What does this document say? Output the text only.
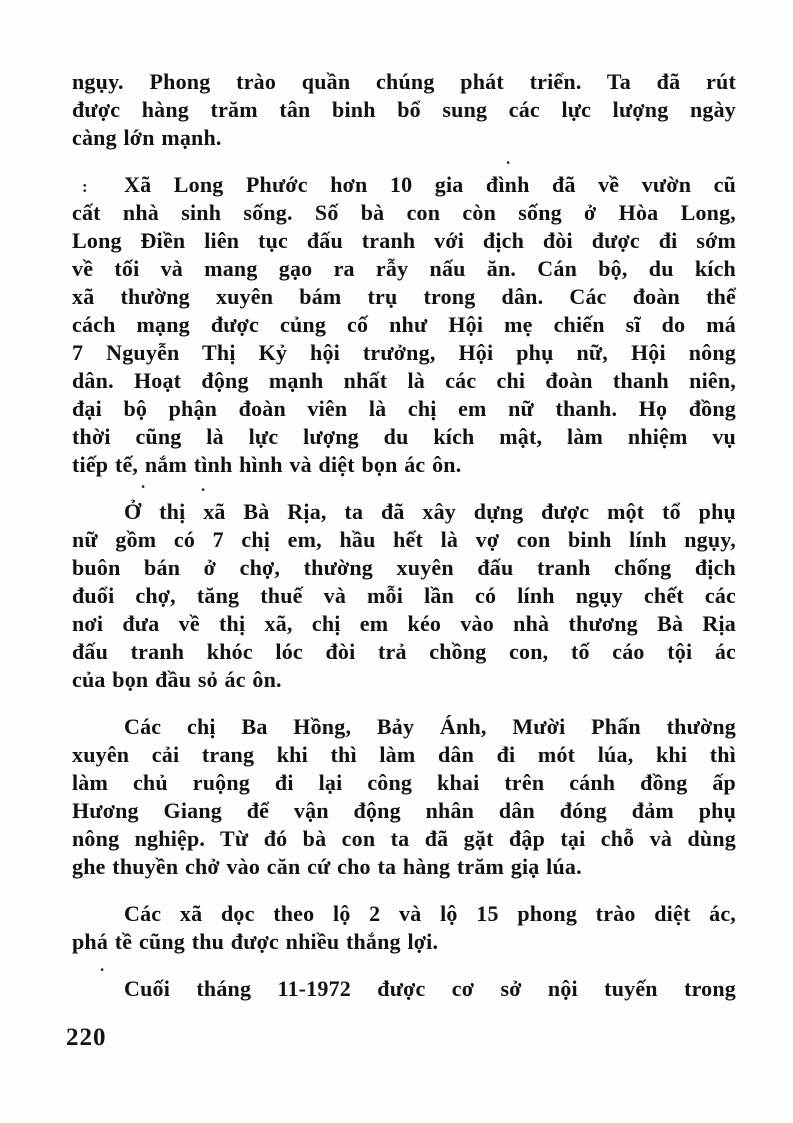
ngụy. Phong trào quần chúng phát triển. Ta đã rút
được hàng trăm tân binh bổ sung các lực lượng ngày
càng lớn mạnh.
Xã Long Phước hơn 10 gia đình đã về vườn cũ
cất nhà sinh sống. Số bà con còn sống ở Hòa Long,
Long Điền liên tục đấu tranh với địch đòi được đi sớm
về tối và mang gạo ra rẫy nấu ăn. Cán bộ, du kích
xã thường xuyên bám trụ trong dân. Các đoàn thể
cách mạng được củng cố như Hội mẹ chiến sĩ do má
7 Nguyễn Thị Kỷ hội trưởng, Hội phụ nữ, Hội nông
dân. Hoạt động mạnh nhất là các chi đoàn thanh niên,
đại bộ phận đoàn viên là chị em nữ thanh. Họ đồng
thời cũng là lực lượng du kích mật, làm nhiệm vụ
tiếp tế, nắm tình hình và diệt bọn ác ôn.
Ở thị xã Bà Rịa, ta đã xây dựng được một tổ phụ
nữ gồm có 7 chị em, hầu hết là vợ con binh lính ngụy,
buôn bán ở chợ, thường xuyên đấu tranh chống địch
đuổi chợ, tăng thuế và mỗi lần có lính ngụy chết các
nơi đưa về thị xã, chị em kéo vào nhà thương Bà Rịa
đấu tranh khóc lóc đòi trả chồng con, tố cáo tội ác
của bọn đầu sỏ ác ôn.
Các chị Ba Hồng, Bảy Ánh, Mười Phấn thường
xuyên cải trang khi thì làm dân đi mót lúa, khi thì
làm chủ ruộng đi lại công khai trên cánh đồng ấp
Hương Giang để vận động nhân dân đóng đảm phụ
nông nghiệp. Từ đó bà con ta đã gặt đập tại chỗ và dùng
ghe thuyền chở vào căn cứ cho ta hàng trăm giạ lúa.
Các xã dọc theo lộ 2 và lộ 15 phong trào diệt ác,
phá tề cũng thu được nhiều thắng lợi.
Cuối tháng 11-1972 được cơ sở nội tuyến trong
220
:
.
.	.
.
